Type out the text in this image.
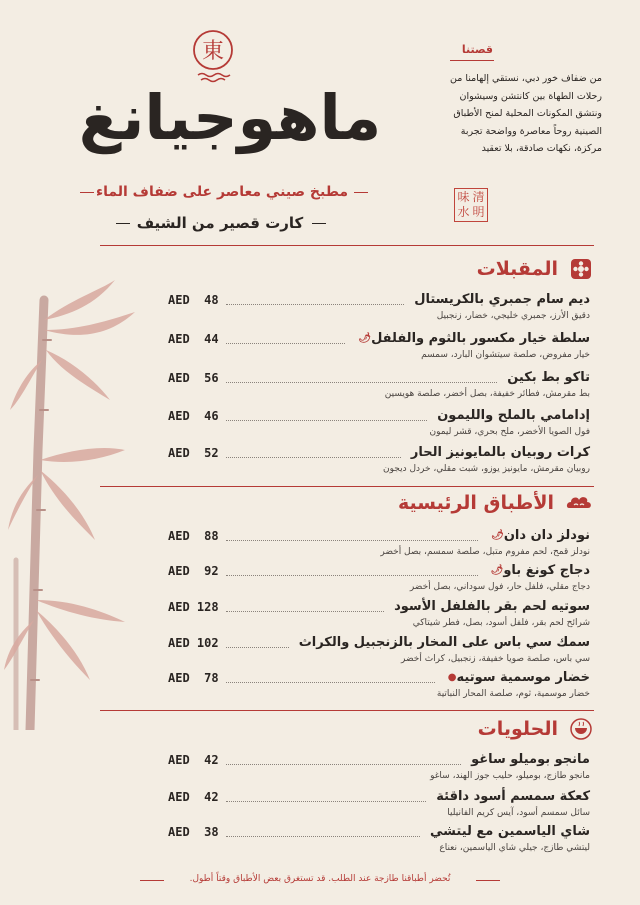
東
ماهوجيانغ
مطبخ صيني معاصر على ضفاف الماء
كارت قصير من الشيف
قصتنا
من ضفاف خور دبي، نستقي إلهامنا من رحلات الطهاة بين كانتشن وسيشوان ونتشق المكونات المحلية لمنح الأطباق الصينية روحاً معاصرة وواضحة تجربة مركزة، نكهات صادقة، بلا تعقيد
味 清
水 明
المقبلات
AED  48	ديم سام جمبري بالكريستال
دقيق الأرز، جمبري خليجي، خضار، زنجبيل
AED  44	سلطة خيار مكسور بالثوم والفلفل
🌶
خيار مفروض، صلصة سيتشوان البارد، سمسم
AED  56	تاكو بط بكين
بط مقرمش، فطائر خفيفة، بصل أخضر، صلصة هويسين
AED  46	إدامامي بالملح والليمون
فول الصويا الأخضر، ملح بحري، قشر ليمون
AED  52	كرات روبيان بالمايونيز الحار
روبيان مقرمش، مايونيز يوزو، شبت مقلي، خردل ديجون
الأطباق الرئيسية
AED  88	نودلز دان دان
🌶
نودلز قمح، لحم مفروم متبل، صلصة سمسم، بصل أخضر
AED  92	دجاج كونغ باو
🌶
دجاج مقلي، فلفل حار، فول سوداني، بصل أخضر
AED 128	سوتيه لحم بقر بالفلفل الأسود
شرائح لحم بقر، فلفل أسود، بصل، فطر شيتاكي
AED 102	سمك سي باس على المخار بالزنجبيل والكراث
سي باس، صلصة صويا خفيفة، زنجبيل، كراث أخضر
AED  78	خضار موسمية سوتيه
●
خضار موسمية، ثوم، صلصة المحار النباتية
الحلويات
AED  42	مانجو بوميلو ساغو
مانجو طازج، بوميلو، حليب جوز الهند، ساغو
AED  42	كعكة سمسم أسود داقئة
سائل سمسم أسود، آيس كريم الفانيليا
AED  38	شاي الياسمين مع ليتشي
ليتشي طازج، جيلي شاي الياسمين، نعناع
تُحضر أطباقنا طازجة عند الطلب. قد تستغرق بعض الأطباق وقتاً أطول.
